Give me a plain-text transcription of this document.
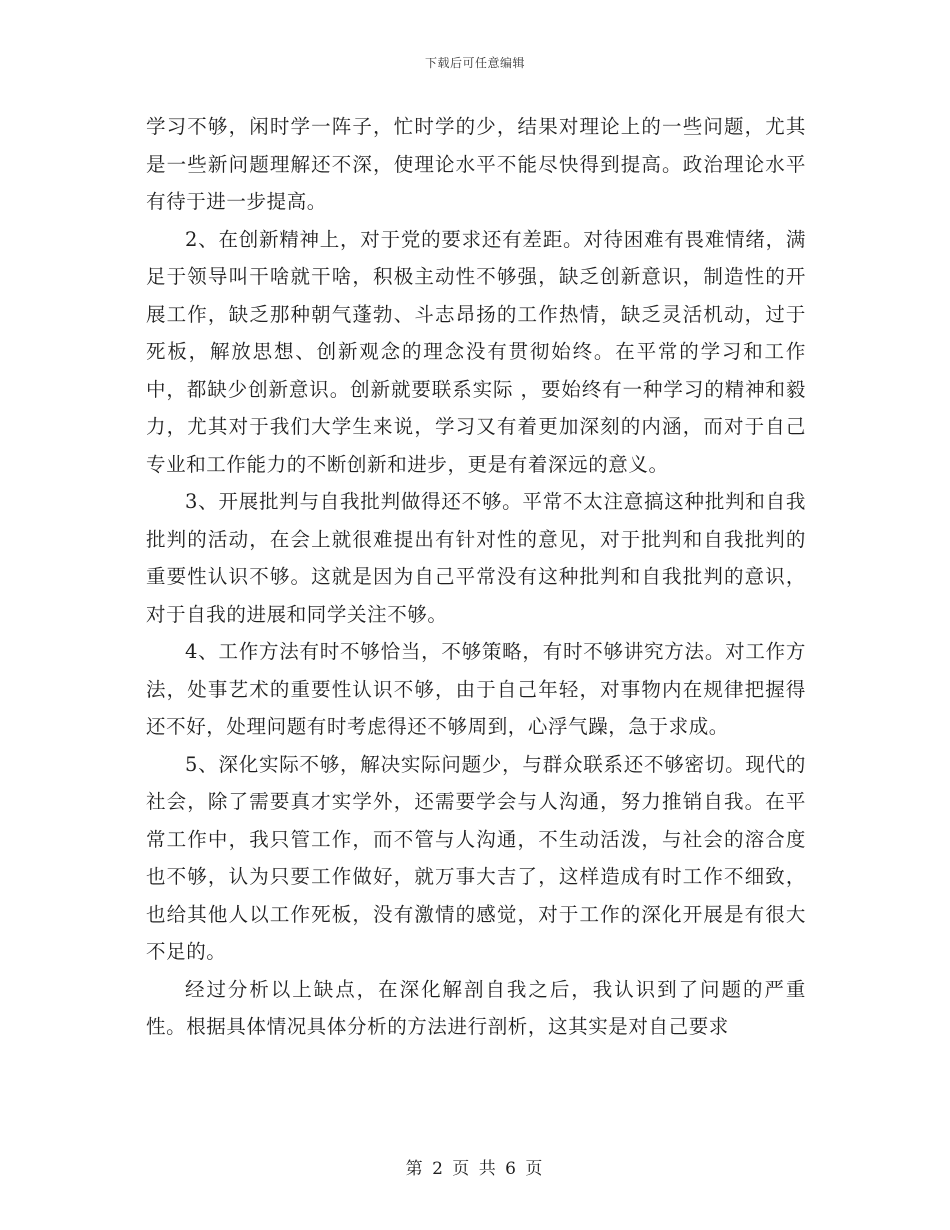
下载后可任意编辑

学习不够，闲时学一阵子，忙时学的少，结果对理论上的一些问题，尤其是一些新问题理解还不深，使理论水平不能尽快得到提高。政治理论水平有待于进一步提高。

2、在创新精神上，对于党的要求还有差距。对待困难有畏难情绪，满足于领导叫干啥就干啥，积极主动性不够强，缺乏创新意识，制造性的开展工作，缺乏那种朝气蓬勃、斗志昂扬的工作热情，缺乏灵活机动，过于死板，解放思想、创新观念的理念没有贯彻始终。在平常的学习和工作中，都缺少创新意识。创新就要联系实际 ，要始终有一种学习的精神和毅力，尤其对于我们大学生来说，学习又有着更加深刻的内涵，而对于自己专业和工作能力的不断创新和进步，更是有着深远的意义。

3、开展批判与自我批判做得还不够。平常不太注意搞这种批判和自我批判的活动，在会上就很难提出有针对性的意见，对于批判和自我批判的重要性认识不够。这就是因为自己平常没有这种批判和自我批判的意识，对于自我的进展和同学关注不够。

4、工作方法有时不够恰当，不够策略，有时不够讲究方法。对工作方法，处事艺术的重要性认识不够，由于自己年轻，对事物内在规律把握得还不好，处理问题有时考虑得还不够周到，心浮气躁，急于求成。

5、深化实际不够，解决实际问题少，与群众联系还不够密切。现代的社会，除了需要真才实学外，还需要学会与人沟通，努力推销自我。在平常工作中，我只管工作，而不管与人沟通，不生动活泼，与社会的溶合度也不够，认为只要工作做好，就万事大吉了，这样造成有时工作不细致，也给其他人以工作死板，没有激情的感觉，对于工作的深化开展是有很大不足的。

经过分析以上缺点，在深化解剖自我之后，我认识到了问题的严重性。根据具体情况具体分析的方法进行剖析，这其实是对自己要求

第 2 页 共 6 页
